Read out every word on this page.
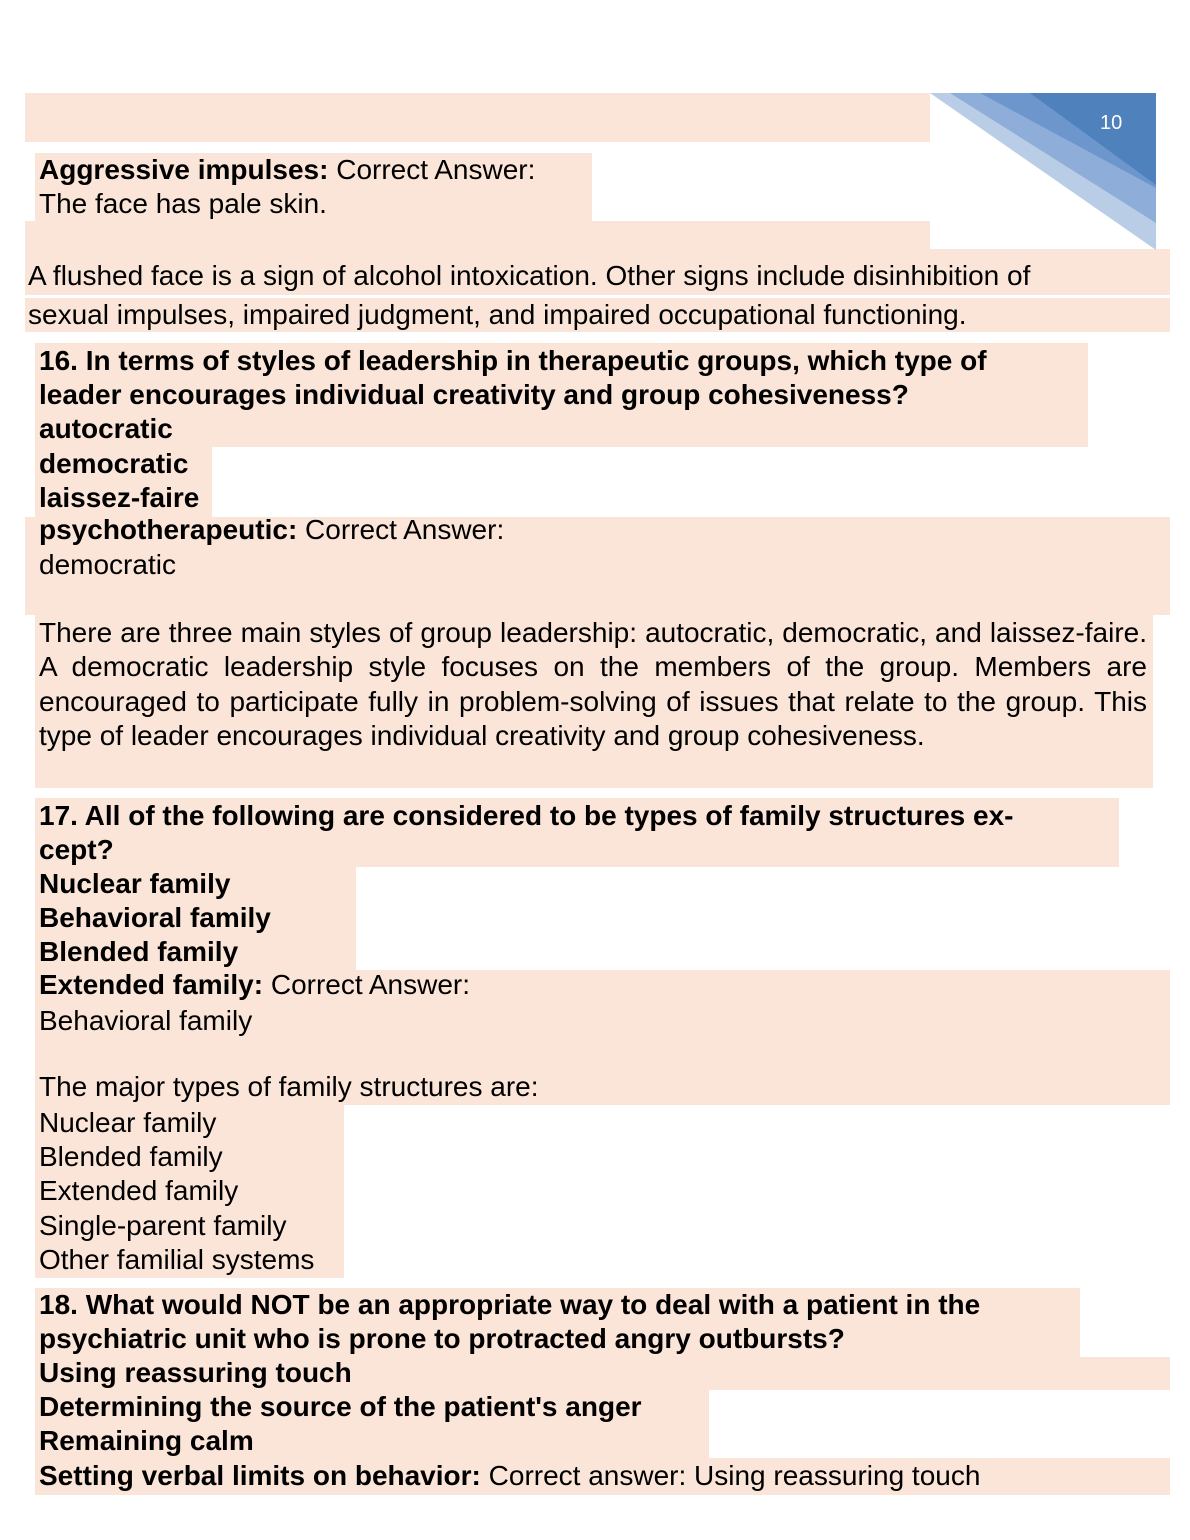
10
Aggressive impulses: Correct Answer:
The face has pale skin.
A flushed face is a sign of alcohol intoxication. Other signs include disinhibition of
sexual impulses, impaired judgment, and impaired occupational functioning.
16. In terms of styles of leadership in therapeutic groups, which type of
leader encourages individual creativity and group cohesiveness?
autocratic
democratic
laissez-faire
psychotherapeutic: Correct Answer:
democratic
There are three main styles of group leadership: autocratic, democratic, and laissez-faire. A democratic leadership style focuses on the members of the group. Members are encouraged to participate fully in problem-solving of issues that relate to the group. This type of leader encourages individual creativity and group cohesiveness.
17. All of the following are considered to be types of family structures ex-
cept?
Nuclear family
Behavioral family
Blended family
Extended family: Correct Answer:
Behavioral family
The major types of family structures are:
Nuclear family
Blended family
Extended family
Single-parent family
Other familial systems
18. What would NOT be an appropriate way to deal with a patient in the
psychiatric unit who is prone to protracted angry outbursts?
Using reassuring touch
Determining the source of the patient's anger
Remaining calm
Setting verbal limits on behavior: Correct answer: Using reassuring touch
